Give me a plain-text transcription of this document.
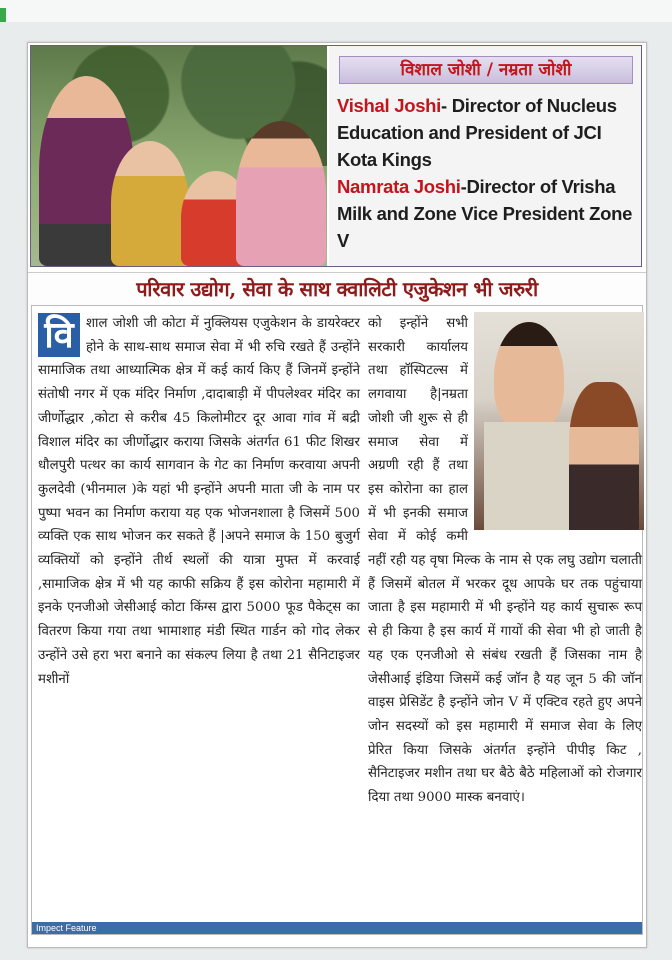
विशाल जोशी / नम्रता जोशी
Vishal Joshi- Director of Nucleus Education and President of JCI Kota Kings
Namrata Joshi-Director of Vrisha Milk and Zone Vice President Zone V
परिवार उद्योग, सेवा के साथ क्वालिटी एजुकेशन भी जरुरी
वि शाल जोशी जी कोटा में नुक्लियस एजुकेशन के डायरेक्टर होने के साथ-साथ समाज सेवा में भी रुचि रखते हैं उन्होंने सामाजिक तथा आध्यात्मिक क्षेत्र में कई कार्य किए हैं जिनमें इन्होंने संतोषी नगर में एक मंदिर निर्माण ,दादाबाड़ी में पीपलेश्वर मंदिर का जीर्णोद्धार ,कोटा से करीब 45 किलोमीटर दूर आवा गांव में बद्री विशाल मंदिर का जीर्णोद्धार कराया जिसके अंतर्गत 61 फीट शिखर धौलपुरी पत्थर का कार्य सागवान के गेट का निर्माण करवाया अपनी कुलदेवी (भीनमाल )के यहां भी इन्होंने अपनी माता जी के नाम पर पुष्पा भवन का निर्माण कराया यह एक भोजनशाला है जिसमें 500 व्यक्ति एक साथ भोजन कर सकते हैं |अपने समाज के 150 बुजुर्ग व्यक्तियों को इन्होंने तीर्थ स्थलों की यात्रा मुफ्त में करवाई ,सामाजिक क्षेत्र में भी यह काफी सक्रिय हैं इस कोरोना महामारी में इनके एनजीओ जेसीआई कोटा किंग्स द्वारा 5000 फूड पैकेट्स का वितरण किया गया तथा भामाशाह मंडी स्थित गार्डन को गोद लेकर उन्होंने उसे हरा भरा बनाने का संकल्प लिया है तथा 21 सैनिटाइजर मशीनों
को इन्होंने सभी सरकारी कार्यालय तथा हॉस्पिटल्स में लगवाया है|नम्रता जोशी जी शुरू से ही समाज सेवा में अग्रणी रही हैं तथा इस कोरोना का हाल में भी इनकी समाज सेवा में कोई कमी नहीं रही यह वृषा मिल्क के नाम से एक लघु उद्योग चलाती हैं जिसमें बोतल में भरकर दूध आपके घर तक पहुंचाया जाता है इस महामारी में भी इन्होंने यह कार्य सुचारू रूप से ही किया है इस कार्य में गायों की सेवा भी हो जाती है यह एक एनजीओ से संबंध रखती हैं जिसका नाम है जेसीआई इंडिया जिसमें कई जॉन है यह जून 5 की जॉन वाइस प्रेसिडेंट है इन्होंने जोन V में एक्टिव रहते हुए अपने जोन सदस्यों को इस महामारी में समाज सेवा के लिए प्रेरित किया जिसके अंतर्गत इन्होंने पीपीइ किट , सैनिटाइजर मशीन तथा घर बैठे बैठे महिलाओं को रोजगार दिया तथा 9000 मास्क बनवाएं।
Impect Feature
